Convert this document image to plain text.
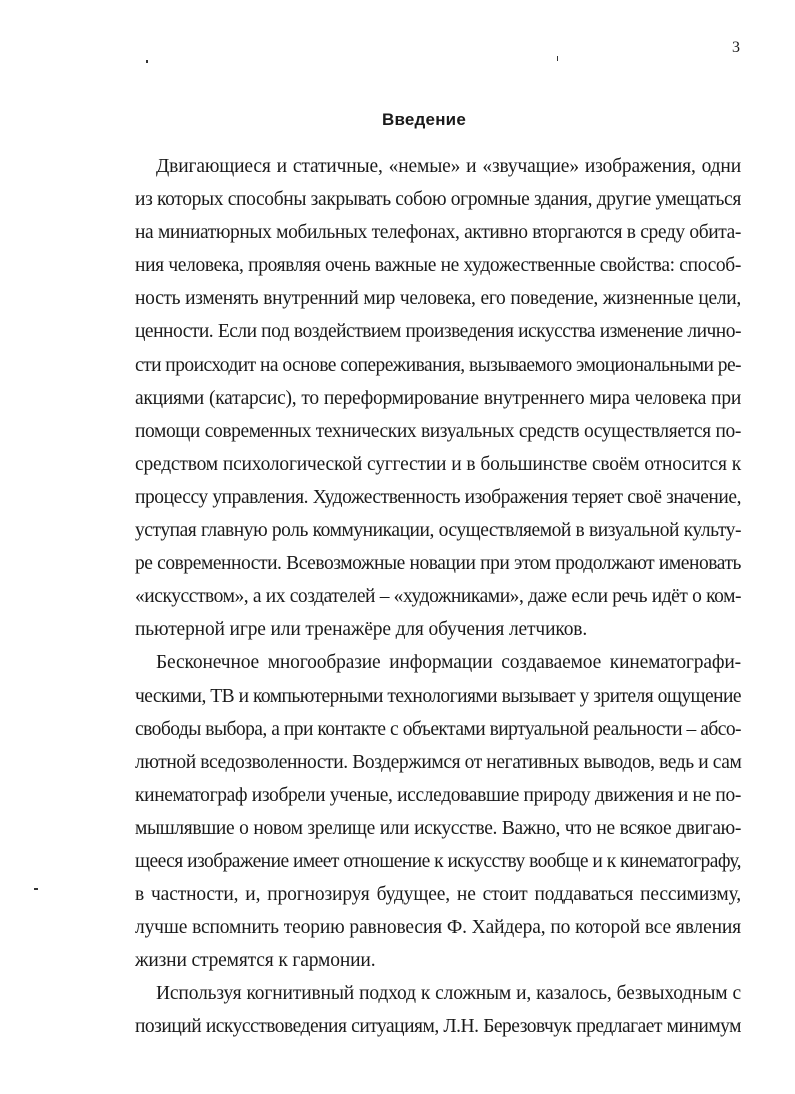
3
Введение
Двигающиеся и статичные, «немые» и «звучащие» изображения, одни
из которых способны закрывать собою огромные здания, другие умещаться
на миниатюрных мобильных телефонах, активно вторгаются в среду обита-
ния человека, проявляя очень важные не художественные свойства: способ-
ность изменять внутренний мир человека, его поведение, жизненные цели,
ценности. Если под воздействием произведения искусства изменение лично-
сти происходит на основе сопереживания, вызываемого эмоциональными ре-
акциями (катарсис), то переформирование внутреннего мира человека при
помощи современных технических визуальных средств осуществляется по-
средством психологической суггестии и в большинстве своём относится к
процессу управления. Художественность изображения теряет своё значение,
уступая главную роль коммуникации, осуществляемой в визуальной культу-
ре современности. Всевозможные новации при этом продолжают именовать
«искусством», а их создателей – «художниками», даже если речь идёт о ком-
пьютерной игре или тренажёре для обучения летчиков.
Бесконечное многообразие информации создаваемое кинематографи-
ческими, ТВ и компьютерными технологиями вызывает у зрителя ощущение
свободы выбора, а при контакте с объектами виртуальной реальности – абсо-
лютной вседозволенности. Воздержимся от негативных выводов, ведь и сам
кинематограф изобрели ученые, исследовавшие природу движения и не по-
мышлявшие о новом зрелище или искусстве. Важно, что не всякое двигаю-
щееся изображение имеет отношение к искусству вообще и к кинематографу,
в частности, и, прогнозируя будущее, не стоит поддаваться пессимизму,
лучше вспомнить теорию равновесия Ф. Хайдера, по которой все явления
жизни стремятся к гармонии.
Используя когнитивный подход к сложным и, казалось, безвыходным с
позиций искусствоведения ситуациям, Л.Н. Березовчук предлагает минимум
